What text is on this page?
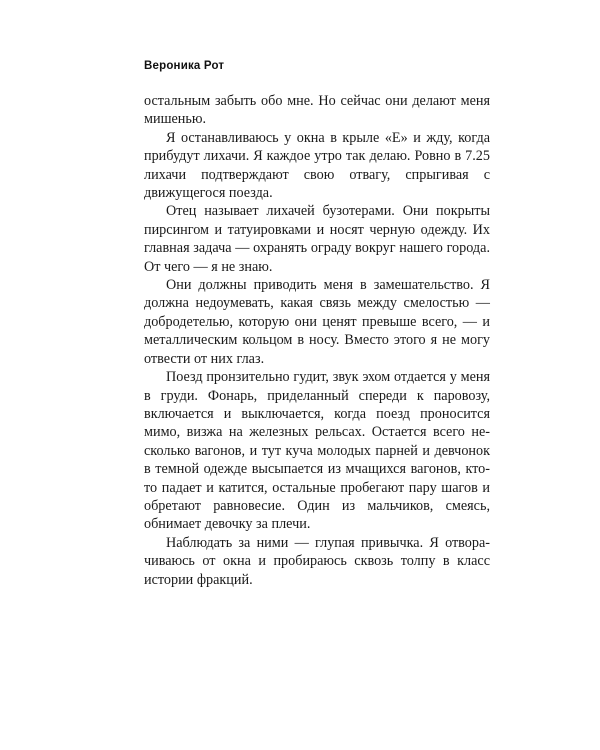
Вероника Рот

остальным забыть обо мне. Но сейчас они делают меня мишенью.

Я останавливаюсь у окна в крыле «Е» и жду, когда прибудут лихачи. Я каждое утро так делаю. Ровно в 7.25 лихачи подтверждают свою отвагу, спрыгивая с движущегося поезда.

Отец называет лихачей бузотерами. Они покрыты пирсингом и татуировками и носят черную одежду. Их главная задача — охранять ограду вокруг нашего города. От чего — я не знаю.

Они должны приводить меня в замешательство. Я должна недоумевать, какая связь между смелостью — добродетелью, которую они ценят превыше всего, — и металлическим кольцом в носу. Вместо этого я не могу отвести от них глаз.

Поезд пронзительно гудит, звук эхом отдается у меня в груди. Фонарь, приделанный спереди к паровозу, включается и выключается, когда поезд проносится мимо, визжа на железных рельсах. Остается всего несколько вагонов, и тут куча молодых парней и девчонок в темной одежде высыпается из мчащихся вагонов, кто-то падает и катится, остальные пробегают пару шагов и обретают равновесие. Один из мальчиков, смеясь, обнимает девочку за плечи.

Наблюдать за ними — глупая привычка. Я отворачиваюсь от окна и пробираюсь сквозь толпу в класс истории фракций.
